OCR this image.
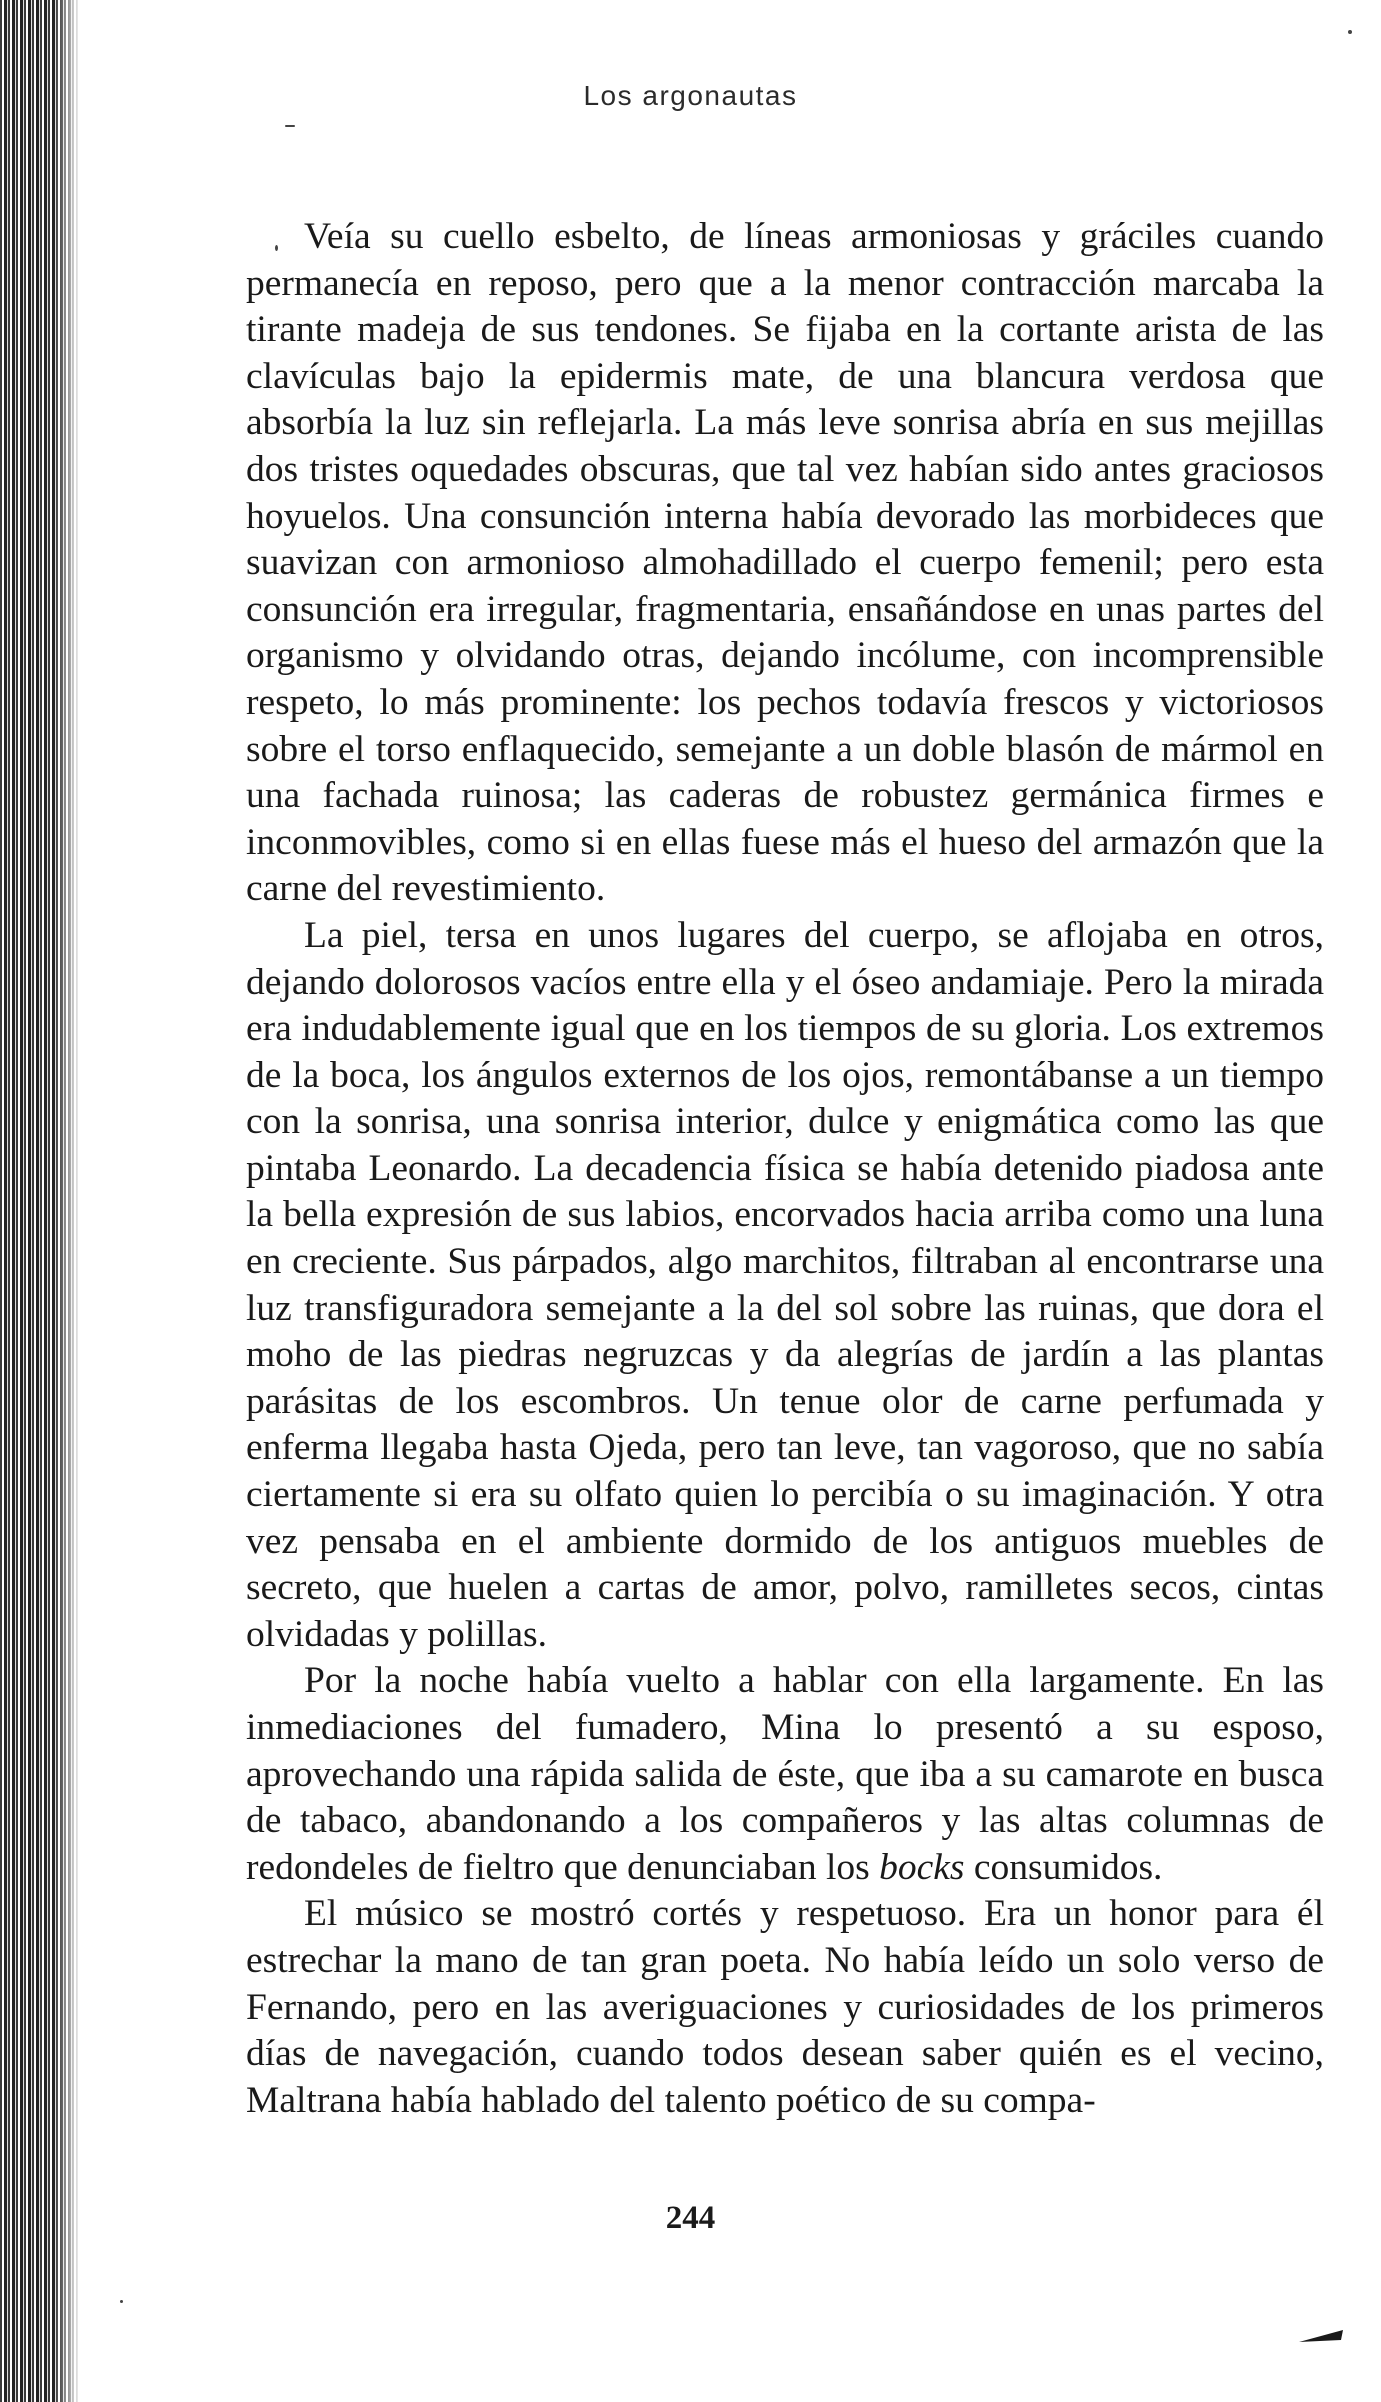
Los argonautas

Veía su cuello esbelto, de líneas armoniosas y gráciles cuando permanecía en reposo, pero que a la menor contracción marcaba la tirante madeja de sus tendones. Se fijaba en la cortante arista de las clavículas bajo la epidermis mate, de una blancura verdosa que absorbía la luz sin reflejarla. La más leve sonrisa abría en sus mejillas dos tristes oquedades obscuras, que tal vez habían sido antes graciosos hoyuelos. Una consunción interna había devorado las morbideces que suavizan con armonioso almohadillado el cuerpo femenil; pero esta consunción era irregular, fragmentaria, ensañándose en unas partes del organismo y olvidando otras, dejando incólume, con incomprensible respeto, lo más prominente: los pechos todavía frescos y victoriosos sobre el torso enflaquecido, semejante a un doble blasón de mármol en una fachada ruinosa; las caderas de robustez germánica firmes e inconmovibles, como si en ellas fuese más el hueso del armazón que la carne del revestimiento.

La piel, tersa en unos lugares del cuerpo, se aflojaba en otros, dejando dolorosos vacíos entre ella y el óseo andamiaje. Pero la mirada era indudablemente igual que en los tiempos de su gloria. Los extremos de la boca, los ángulos externos de los ojos, remontábanse a un tiempo con la sonrisa, una sonrisa interior, dulce y enigmática como las que pintaba Leonardo. La decadencia física se había detenido piadosa ante la bella expresión de sus labios, encorvados hacia arriba como una luna en creciente. Sus párpados, algo marchitos, filtraban al encontrarse una luz transfiguradora semejante a la del sol sobre las ruinas, que dora el moho de las piedras negruzcas y da alegrías de jardín a las plantas parásitas de los escombros. Un tenue olor de carne perfumada y enferma llegaba hasta Ojeda, pero tan leve, tan vagoroso, que no sabía ciertamente si era su olfato quien lo percibía o su imaginación. Y otra vez pensaba en el ambiente dormido de los antiguos muebles de secreto, que huelen a cartas de amor, polvo, ramilletes secos, cintas olvidadas y polillas.

Por la noche había vuelto a hablar con ella largamente. En las inmediaciones del fumadero, Mina lo presentó a su esposo, aprovechando una rápida salida de éste, que iba a su camarote en busca de tabaco, abandonando a los compañeros y las altas columnas de redondeles de fieltro que denunciaban los bocks consumidos.

El músico se mostró cortés y respetuoso. Era un honor para él estrechar la mano de tan gran poeta. No había leído un solo verso de Fernando, pero en las averiguaciones y curiosidades de los primeros días de navegación, cuando todos desean saber quién es el vecino, Maltrana había hablado del talento poético de su compa-

244
